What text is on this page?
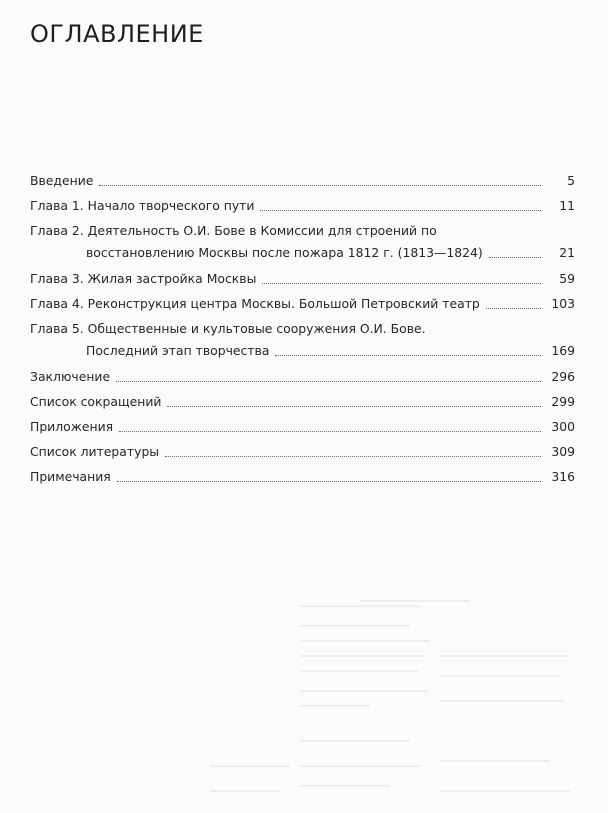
ОГЛАВЛЕНИЕ
Введение	5
Глава 1. Начало творческого пути	11
Глава 2. Деятельность О.И. Бове в Комиссии для строений по
восстановлению Москвы после пожара 1812 г. (1813—1824)	21
Глава 3. Жилая застройка Москвы	59
Глава 4. Реконструкция центра Москвы. Большой Петровский театр	103
Глава 5. Общественные и культовые сооружения О.И. Бове.
Последний этап творчества	169
Заключение	296
Список сокращений	299
Приложения	300
Список литературы	309
Примечания	316
